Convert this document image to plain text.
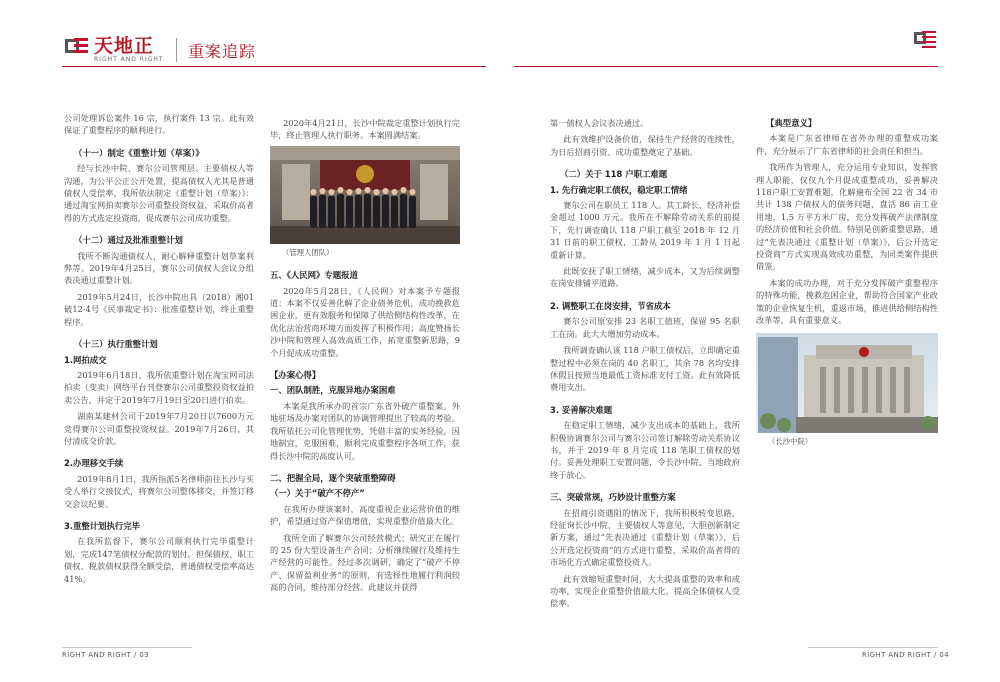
天地正
RIGHT AND RIGHT 重案追踪

公司处理诉讼案件 16 宗，执行案件 13 宗。此有效保证了重整程序的顺利进行。

（十一）制定《重整计划（草案）》

经与长沙中院、赛尔公司管理层、主要债权人等沟通，为公平公正公开处置，提高债权人尤其是普通债权人受偿率，我所依法制定《重整计划（草案）》：通过淘宝网拍卖赛尔公司重整投资权益，采取价高者得的方式选定投资商，促成赛尔公司成功重整。

（十二）通过及批准重整计划

我所不断沟通债权人，耐心解释重整计划草案利弊等。2019年4月25日，赛尔公司债权人会议分组表决通过重整计划。

2019年5月24日，长沙中院出具（2018）湘01破12-4号《民事裁定书》：批准重整计划，终止重整程序。

（十三）执行重整计划
1.网拍成交

2019年6月18日，我所依重整计划在淘宝网司法拍卖（变卖）网络平台刊登赛尔公司重整投资权益拍卖公告，并定于2019年7月19日至20日进行拍卖。

湖南某建材公司于2019年7月20日以7600万元竞得赛尔公司重整投资权益。2019年7月26日，其付清成交价款。

2.办理移交手续

2019年8月1日，我所指派5名律师前往长沙与买受人举行交接仪式，将赛尔公司整体移交，并签订移交会议纪要。

3.重整计划执行完毕

在我所监督下，赛尔公司顺利执行完毕重整计划，完成147笔债权分配款的划付。担保债权、职工债权、税款债权获得全额受偿，普通债权受偿率高达41%。

2020年4月21日，长沙中院裁定重整计划执行完毕，终止管理人执行职务。本案圆满结案。

（管理人团队）

五、《人民网》专题报道

2020年5月28日，《人民网》对本案予专题报道：本案不仅妥善化解了企业债务危机，成功挽救危困企业，更有效服务和保障了供给侧结构性改革，在优化法治营商环境方面发挥了积极作用；高度赞扬长沙中院和管理人高效高质工作，拓宽重整新思路，9个月促成成功重整。

【办案心得】
一、团队制胜，克服异地办案困难

本案是我所承办的首宗广东省外破产重整案。外地驻场及办案对团队的协调管理提出了较高的考验。我所依托公司化管理优势，凭借丰富的实务经验，因地制宜，克服困难，顺利完成重整程序各项工作，获得长沙中院的高度认可。

二、把握全局，逐个突破重整障碍
（一）关于“破产不停产”

在我所办理该案时，高度重视企业运营价值的维护，希望通过资产保值增值，实现重整价值最大化。

我所全面了解赛尔公司经营模式；研究正在履行的 25 份大型设备生产合同；分析继续履行及维持生产经营的可能性。经过多次调研，确定了“破产不停产、保留盈利业务”的原则，有选择性地履行利润较高的合同，维持部分经营。此建议并获得

第一债权人会议表决通过。

此有效维护设备价值，保持生产经营的连续性，为日后招商引资、成功重整奠定了基础。

（二）关于 118 户职工难题
1. 先行确定职工债权，稳定职工情绪

赛尔公司在职员工 118 人。其工龄长，经济补偿金超过 1000 万元。我所在不解除劳动关系的前提下，先行调查确认 118 户职工截至 2018 年 12 月 31 日前的职工债权，工龄从 2019 年 1 月 1 日起重新计算。

此既安抚了职工情绪，减少成本，又为后续调整在岗安排铺平道路。

2. 调整职工在岗安排，节省成本

赛尔公司原安排 23 名职工值班，保留 95 名职工在岗。此大大增加劳动成本。

我所调查确认该 118 户职工债权后，立即确定重整过程中必须在岗的 40 名职工，其余 78 名均安排休假且按照当地最低工资标准支付工资。此有效降低费用支出。

3. 妥善解决难题

在稳定职工情绪，减少支出成本的基础上，我所积极协调赛尔公司与赛尔公司签订解除劳动关系协议书，并于 2019 年 8 月完成 118 笔职工债权的划付。妥善处理职工安置问题，令长沙中院、当地政府终于放心。

三、突破常规，巧妙设计重整方案

在招商引资遇阻的情况下，我所积极转变思路，经征询长沙中院、主要债权人等意见，大胆创新制定新方案，通过“先表决通过《重整计划（草案）》，后公开选定投资商”的方式进行重整，采取价高者得的市场化方式确定重整投资人。

此有效缩短重整时间，大大提高重整的效率和成功率，实现企业重整价值最大化，提高全体债权人受偿率。

【典型意义】

本案是广东省律师在省外办理的重整成功案件，充分展示了广东省律师的社会责任和担当。

我所作为管理人，充分运用专业知识，发挥管理人职能，仅仅九个月促成重整成功，妥善解决118户职工安置难题，化解遍布全国 22 省 34 市共计 138 户债权人的债务问题，盘活 86 亩工业用地，1.5 万平方米厂房，充分发挥破产法律制度的经济价值和社会价值。特别是创新重整思路，通过“先表决通过《重整计划（草案）》，后公开选定投资商”方式实现高效成功重整，为同类案件提供借鉴。

本案的成功办理，对于充分发挥破产重整程序的特殊功能，挽救危困企业，帮助符合国家产业政策的企业恢复生机，重返市场，推进供给侧结构性改革等，具有重要意义。

（长沙中院）

RIGHT AND RIGHT / 03	RIGHT AND RIGHT / 04
